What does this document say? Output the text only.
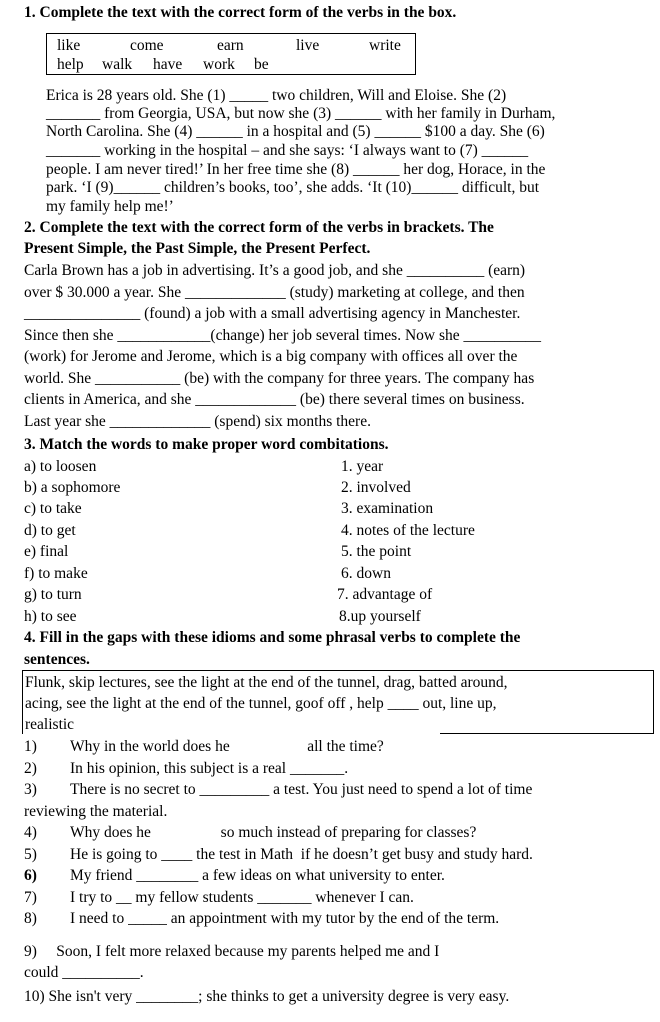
1. Complete the text with the correct form of the verbs in the box.
like	come	earn	live	write
help walk have work be
Erica is 28 years old. She (1) _____ two children, Will and Eloise. She (2)
_______ from Georgia, USA, but now she (3) ______ with her family in Durham,
North Carolina. She (4) ______ in a hospital and (5) ______ $100 a day. She (6)
_______ working in the hospital – and she says: ‘I always want to (7) ______
people. I am never tired!’ In her free time she (8) ______ her dog, Horace, in the
park. ‘I (9)______ children’s books, too’, she adds. ‘It (10)______ difficult, but
my family help me!’
2. Complete the text with the correct form of the verbs in brackets. The
Present Simple, the Past Simple, the Present Perfect.
Carla Brown has a job in advertising. It’s a good job, and she __________ (earn)
over $ 30.000 a year. She _____________ (study) marketing at college, and then
_______________ (found) a job with a small advertising agency in Manchester.
Since then she ____________(change) her job several times. Now she __________
(work) for Jerome and Jerome, which is a big company with offices all over the
world. She ___________ (be) with the company for three years. The company has
clients in America, and she _____________ (be) there several times on business.
Last year she _____________ (spend) six months there.
3. Match the words to make proper word combitations.
a) to loosen	1. year
b) a sophomore	2. involved
c) to take	3. examination
d) to get	4. notes of the lecture
e) final	5. the point
f) to make	6. down
g) to turn	7. advantage of
h) to see	8.up yourself
4. Fill in the gaps with these idioms and some phrasal verbs to complete the
sentences.
Flunk, skip lectures, see the light at the end of the tunnel, drag, batted around,
acing, see the light at the end of the tunnel, goof off , help ____ out, line up,
realistic
1) Why in the world does he                    all the time?
2) In his opinion, this subject is a real _______.
3) There is no secret to _________ a test. You just need to spend a lot of time
reviewing the material.
4) Why does he                  so much instead of preparing for classes?
5) He is going to ____ the test in Math  if he doesn’t get busy and study hard.
6) My friend ________ a few ideas on what university to enter.
7) I try to __ my fellow students _______ whenever I can.
8) I need to _____ an appointment with my tutor by the end of the term.
9)     Soon, I felt more relaxed because my parents helped me and I
could __________.
10) She isn't very ________; she thinks to get a university degree is very easy.
